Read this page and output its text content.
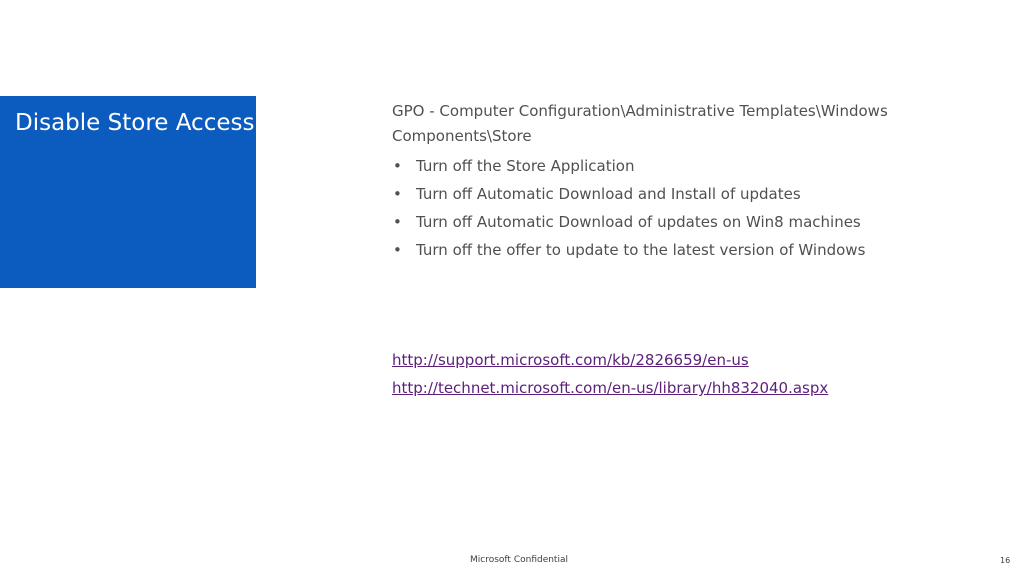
Disable Store Access	GPO - Computer Configuration\Administrative Templates\Windows Components\Store

• Turn off the Store Application
• Turn off Automatic Download and Install of updates
• Turn off Automatic Download of updates on Win8 machines
• Turn off the offer to update to the latest version of Windows
http://support.microsoft.com/kb/2826659/en-us
http://technet.microsoft.com/en-us/library/hh832040.aspx
Microsoft Confidential	16
